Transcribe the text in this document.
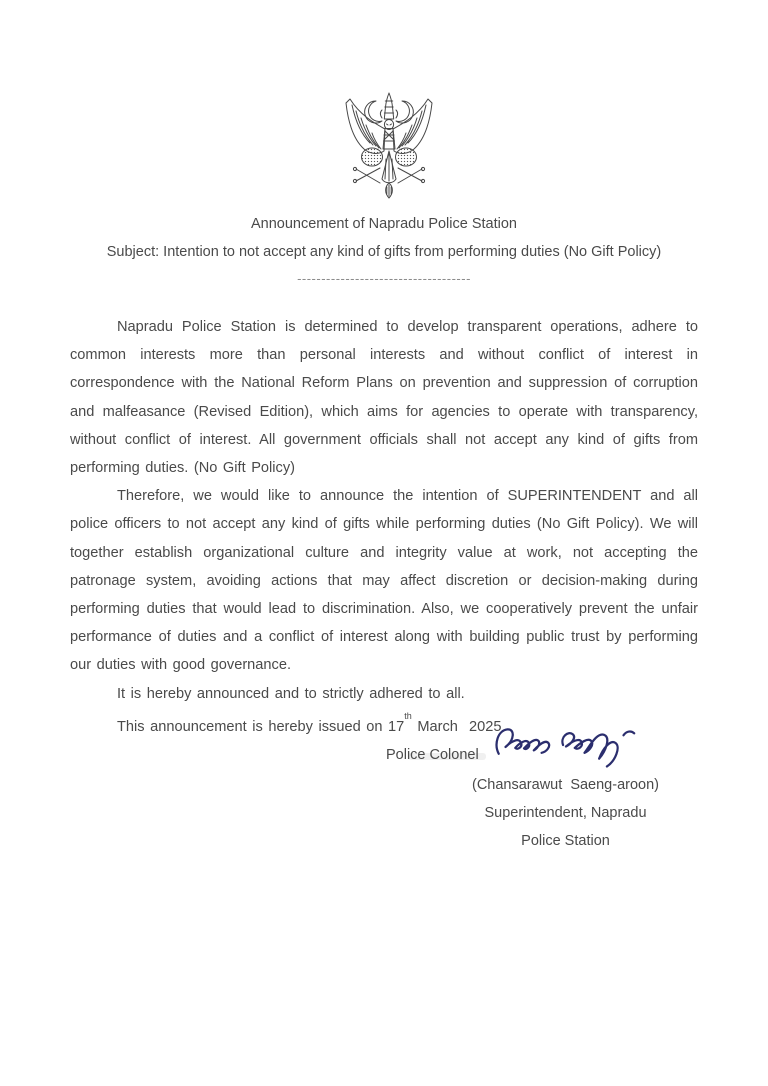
Announcement of Napradu Police Station
Subject: Intention to not accept any kind of gifts from performing duties (No Gift Policy)
------------------------------------

Napradu Police Station is determined to develop transparent operations, adhere to common interests more than personal interests and without conflict of interest in correspondence with the National Reform Plans on prevention and suppression of corruption and malfeasance (Revised Edition), which aims for agencies to operate with transparency, without conflict of interest. All government officials shall not accept any kind of gifts from performing duties. (No Gift Policy)

Therefore, we would like to announce the intention of SUPERINTENDENT and all police officers to not accept any kind of gifts while performing duties (No Gift Policy). We will together establish organizational culture and integrity value at work, not accepting the patronage system, avoiding actions that may affect discretion or decision-making during performing duties that would lead to discrimination. Also, we cooperatively prevent the unfair performance of duties and a conflict of interest along with building public trust by performing our duties with good governance.

It is hereby announced and to strictly adhered to all.

This announcement is hereby issued on 17th March  2025

Police Colonel
(Chansarawut  Saeng-aroon)
Superintendent, Napradu
Police Station
